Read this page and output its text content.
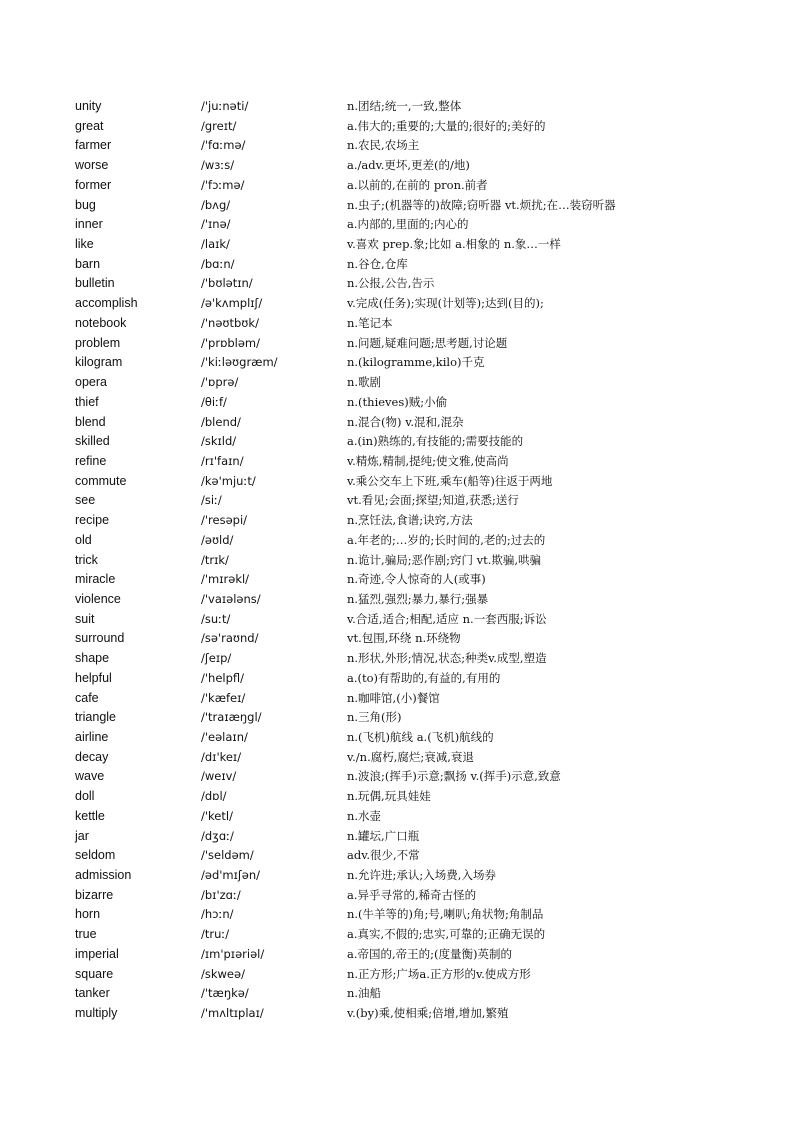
unity	/'juːnəti/	n.团结;统一,一致,整体
great	/greɪt/	a.伟大的;重要的;大量的;很好的;美好的
farmer	/'fɑːmə/	n.农民,农场主
worse	/wɜːs/	a./adv.更坏,更差(的/地)
former	/'fɔːmə/	a.以前的,在前的 pron.前者
bug	/bʌg/	n.虫子;(机器等的)故障;窃听器 vt.烦扰;在…装窃听器
inner	/'ɪnə/	a.内部的,里面的;内心的
like	/laɪk/	v.喜欢 prep.象;比如 a.相象的 n.象…一样
barn	/bɑːn/	n.谷仓,仓库
bulletin	/'bʊlətɪn/	n.公报,公告,告示
accomplish	/ə'kʌmplɪʃ/	v.完成(任务);实现(计划等);达到(目的);
notebook	/'nəʊtbʊk/	n.笔记本
problem	/'prɒbləm/	n.问题,疑难问题;思考题,讨论题
kilogram	/'kiːləʊgræm/	n.(kilogramme,kilo)千克
opera	/'ɒprə/	n.歌剧
thief	/θiːf/	n.(thieves)贼;小偷
blend	/blend/	n.混合(物) v.混和,混杂
skilled	/skɪld/	a.(in)熟练的,有技能的;需要技能的
refine	/rɪ'faɪn/	v.精炼,精制,提纯;使文雅,使高尚
commute	/kə'mjuːt/	v.乘公交车上下班,乘车(船等)往返于两地
see	/siː/	vt.看见;会面;探望;知道,获悉;送行
recipe	/'resəpi/	n.烹饪法,食谱;诀窍,方法
old	/əʊld/	a.年老的;…岁的;长时间的,老的;过去的
trick	/trɪk/	n.诡计,骗局;恶作剧;窍门 vt.欺骗,哄骗
miracle	/'mɪrəkl/	n.奇迹,令人惊奇的人(或事)
violence	/'vaɪələns/	n.猛烈,强烈;暴力,暴行;强暴
suit	/suːt/	v.合适,适合;相配,适应 n.一套西服;诉讼
surround	/sə'raʊnd/	vt.包围,环绕 n.环绕物
shape	/ʃeɪp/	n.形状,外形;情况,状态;种类v.成型,塑造
helpful	/'helpfl/	a.(to)有帮助的,有益的,有用的
cafe	/'kæfeɪ/	n.咖啡馆,(小)餐馆
triangle	/'traɪæŋgl/	n.三角(形)
airline	/'eəlaɪn/	n.(飞机)航线 a.(飞机)航线的
decay	/dɪ'keɪ/	v./n.腐朽,腐烂;衰减,衰退
wave	/weɪv/	n.波浪;(挥手)示意;飘扬 v.(挥手)示意,致意
doll	/dɒl/	n.玩偶,玩具娃娃
kettle	/'ketl/	n.水壶
jar	/dʒɑː/	n.罐坛,广口瓶
seldom	/'seldəm/	adv.很少,不常
admission	/əd'mɪʃən/	n.允许进;承认;入场费,入场券
bizarre	/bɪ'zɑː/	a.异乎寻常的,稀奇古怪的
horn	/hɔːn/	n.(牛羊等的)角;号,喇叭;角状物;角制品
true	/truː/	a.真实,不假的;忠实,可靠的;正确无误的
imperial	/ɪm'pɪəriəl/	a.帝国的,帝王的;(度量衡)英制的
square	/skweə/	n.正方形;广场a.正方形的v.使成方形
tanker	/'tæŋkə/	n.油船
multiply	/'mʌltɪplaɪ/	v.(by)乘,使相乘;倍增,增加,繁殖
